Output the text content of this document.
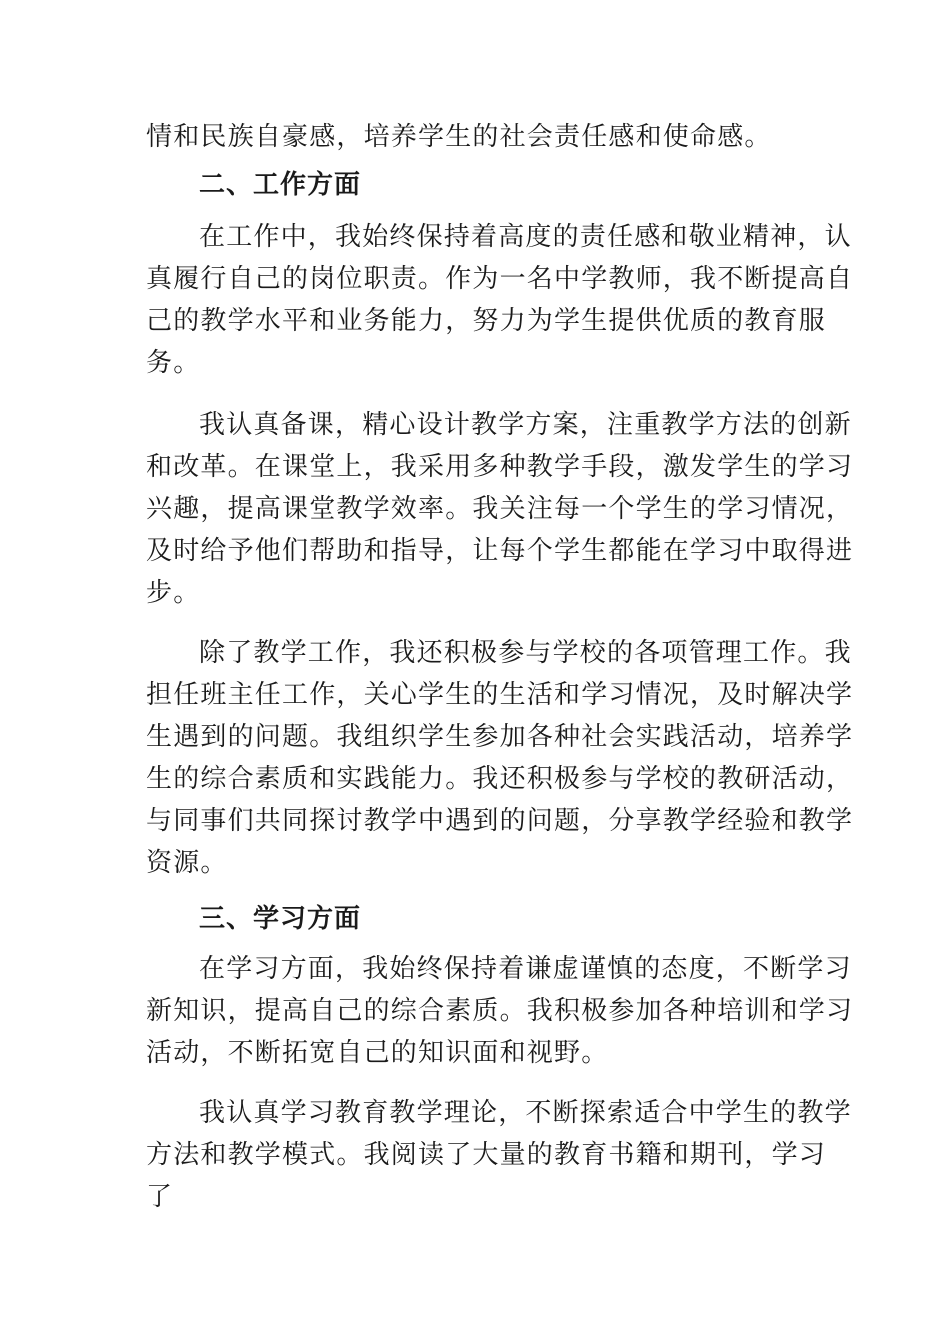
情和民族自豪感，培养学生的社会责任感和使命感。
二、工作方面
在工作中，我始终保持着高度的责任感和敬业精神，认
真履行自己的岗位职责。作为一名中学教师，我不断提高自
己的教学水平和业务能力，努力为学生提供优质的教育服
务。
我认真备课，精心设计教学方案，注重教学方法的创新
和改革。在课堂上，我采用多种教学手段，激发学生的学习
兴趣，提高课堂教学效率。我关注每一个学生的学习情况，
及时给予他们帮助和指导，让每个学生都能在学习中取得进
步。
除了教学工作，我还积极参与学校的各项管理工作。我
担任班主任工作，关心学生的生活和学习情况，及时解决学
生遇到的问题。我组织学生参加各种社会实践活动，培养学
生的综合素质和实践能力。我还积极参与学校的教研活动，
与同事们共同探讨教学中遇到的问题，分享教学经验和教学
资源。
三、学习方面
在学习方面，我始终保持着谦虚谨慎的态度，不断学习
新知识，提高自己的综合素质。我积极参加各种培训和学习
活动，不断拓宽自己的知识面和视野。
我认真学习教育教学理论，不断探索适合中学生的教学
方法和教学模式。我阅读了大量的教育书籍和期刊，学习
了
